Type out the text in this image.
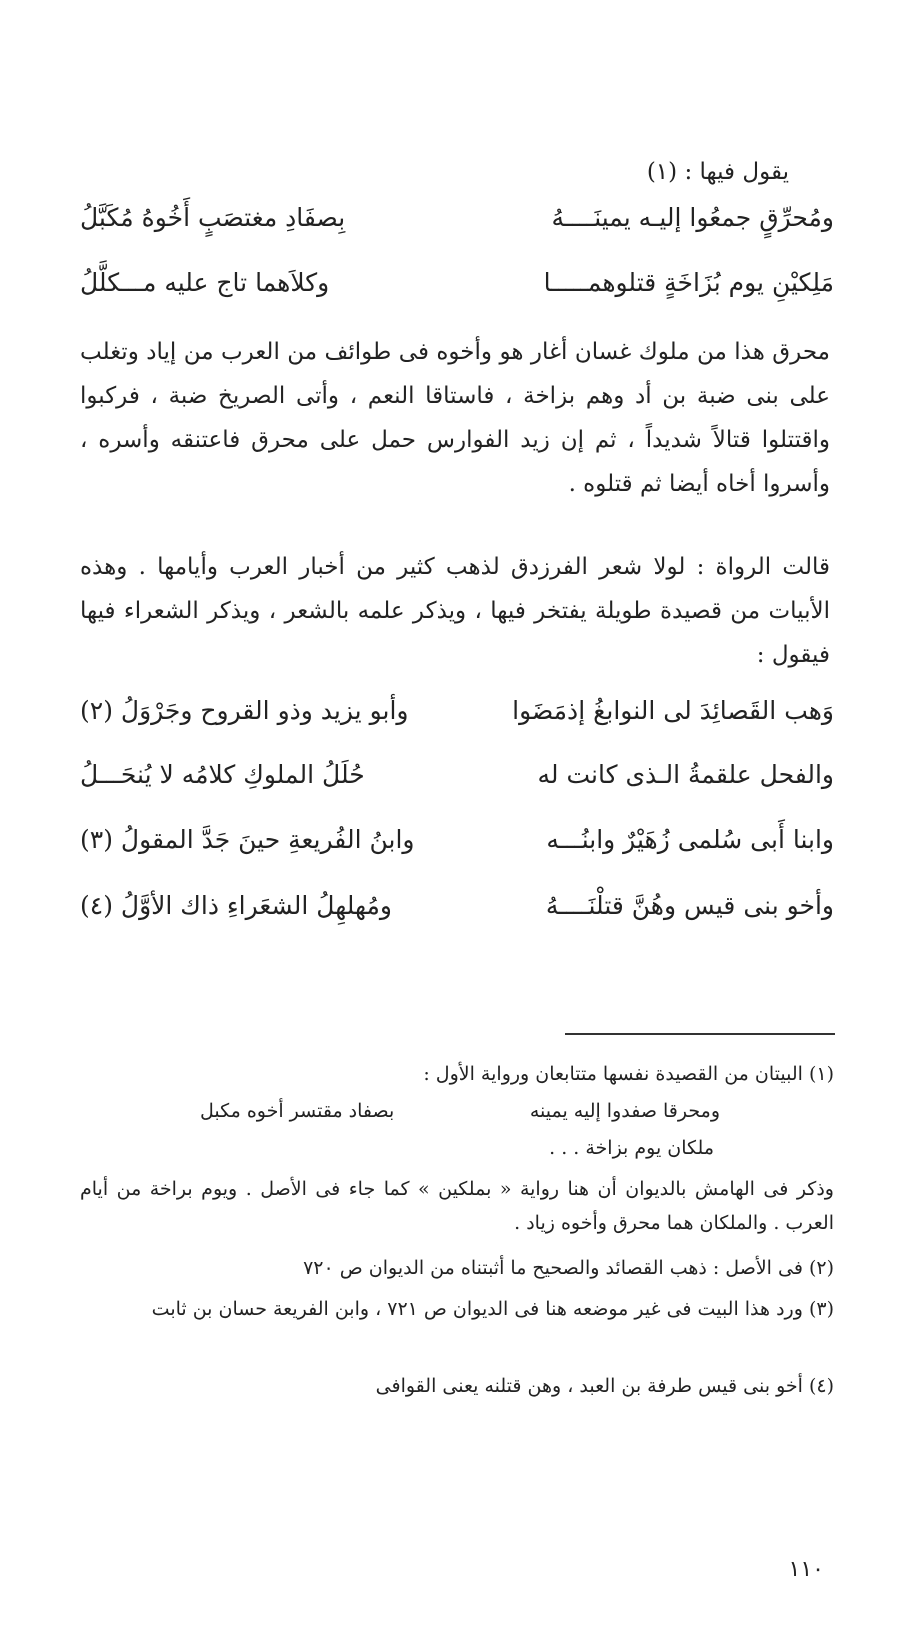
يقول فيها : (١)
ومُحرِّقٍ جمعُوا إليـه يمينَــــهُ
بِصفَادِ مغتصَبٍ أَخُوهُ مُكَبَّلُ
مَلِكيْنِ يوم بُزَاخَةٍ قتلوهمـــــا
وكلاَهما تاج عليه مـــكلَّلُ
محرق هذا من ملوك غسان أغار هو وأخوه فى طوائف من العرب من إياد وتغلب على بنى ضبة بن أد وهم بزاخة ، فاستاقا النعم ، وأتى الصريخ ضبة ، فركبوا واقتتلوا قتالاً شديداً ، ثم إن زيد الفوارس حمل على محرق فاعتنقه وأسره ، وأسروا أخاه أيضا ثم قتلوه .
قالت الرواة : لولا شعر الفرزدق لذهب كثير من أخبار العرب وأيامها . وهذه الأبيات من قصيدة طويلة يفتخر فيها ، ويذكر علمه بالشعر ، ويذكر الشعراء فيها فيقول :
وَهب القَصائِدَ لى النوابغُ إذمَضَوا
وأبو يزيد وذو القروح وجَرْوَلُ (٢)
والفحل علقمةُ الـذى كانت له
حُلَلُ الملوكِ كلامُه لا يُنحَـــلُ
وابنا أَبى سُلمى زُهَيْرٌ وابنُـــه
وابنُ الفُريعةِ حينَ جَدَّ المقولُ (٣)
وأخو بنى قيس وهُنَّ قتلْنَــــهُ
ومُهلهِلُ الشعَراءِ ذاك الأوَّلُ (٤)
(١) البيتان من القصيدة نفسها متتابعان ورواية الأول :
ومحرقا صفدوا إليه يمينه
بصفاد مقتسر أخوه مكبل
ملكان يوم بزاخة . . .
وذكر فى الهامش بالديوان أن هنا رواية « بملكين » كما جاء فى الأصل . ويوم براخة من أيام العرب . والملكان هما محرق وأخوه زياد .
(٢) فى الأصل : ذهب القصائد والصحيح ما أثبتناه من الديوان ص ٧٢٠
(٣) ورد هذا البيت فى غير موضعه هنا فى الديوان ص ٧٢١ ، وابن الفريعة حسان بن ثابت
(٤) أخو بنى قيس طرفة بن العبد ، وهن قتلنه يعنى القوافى
١١٠
